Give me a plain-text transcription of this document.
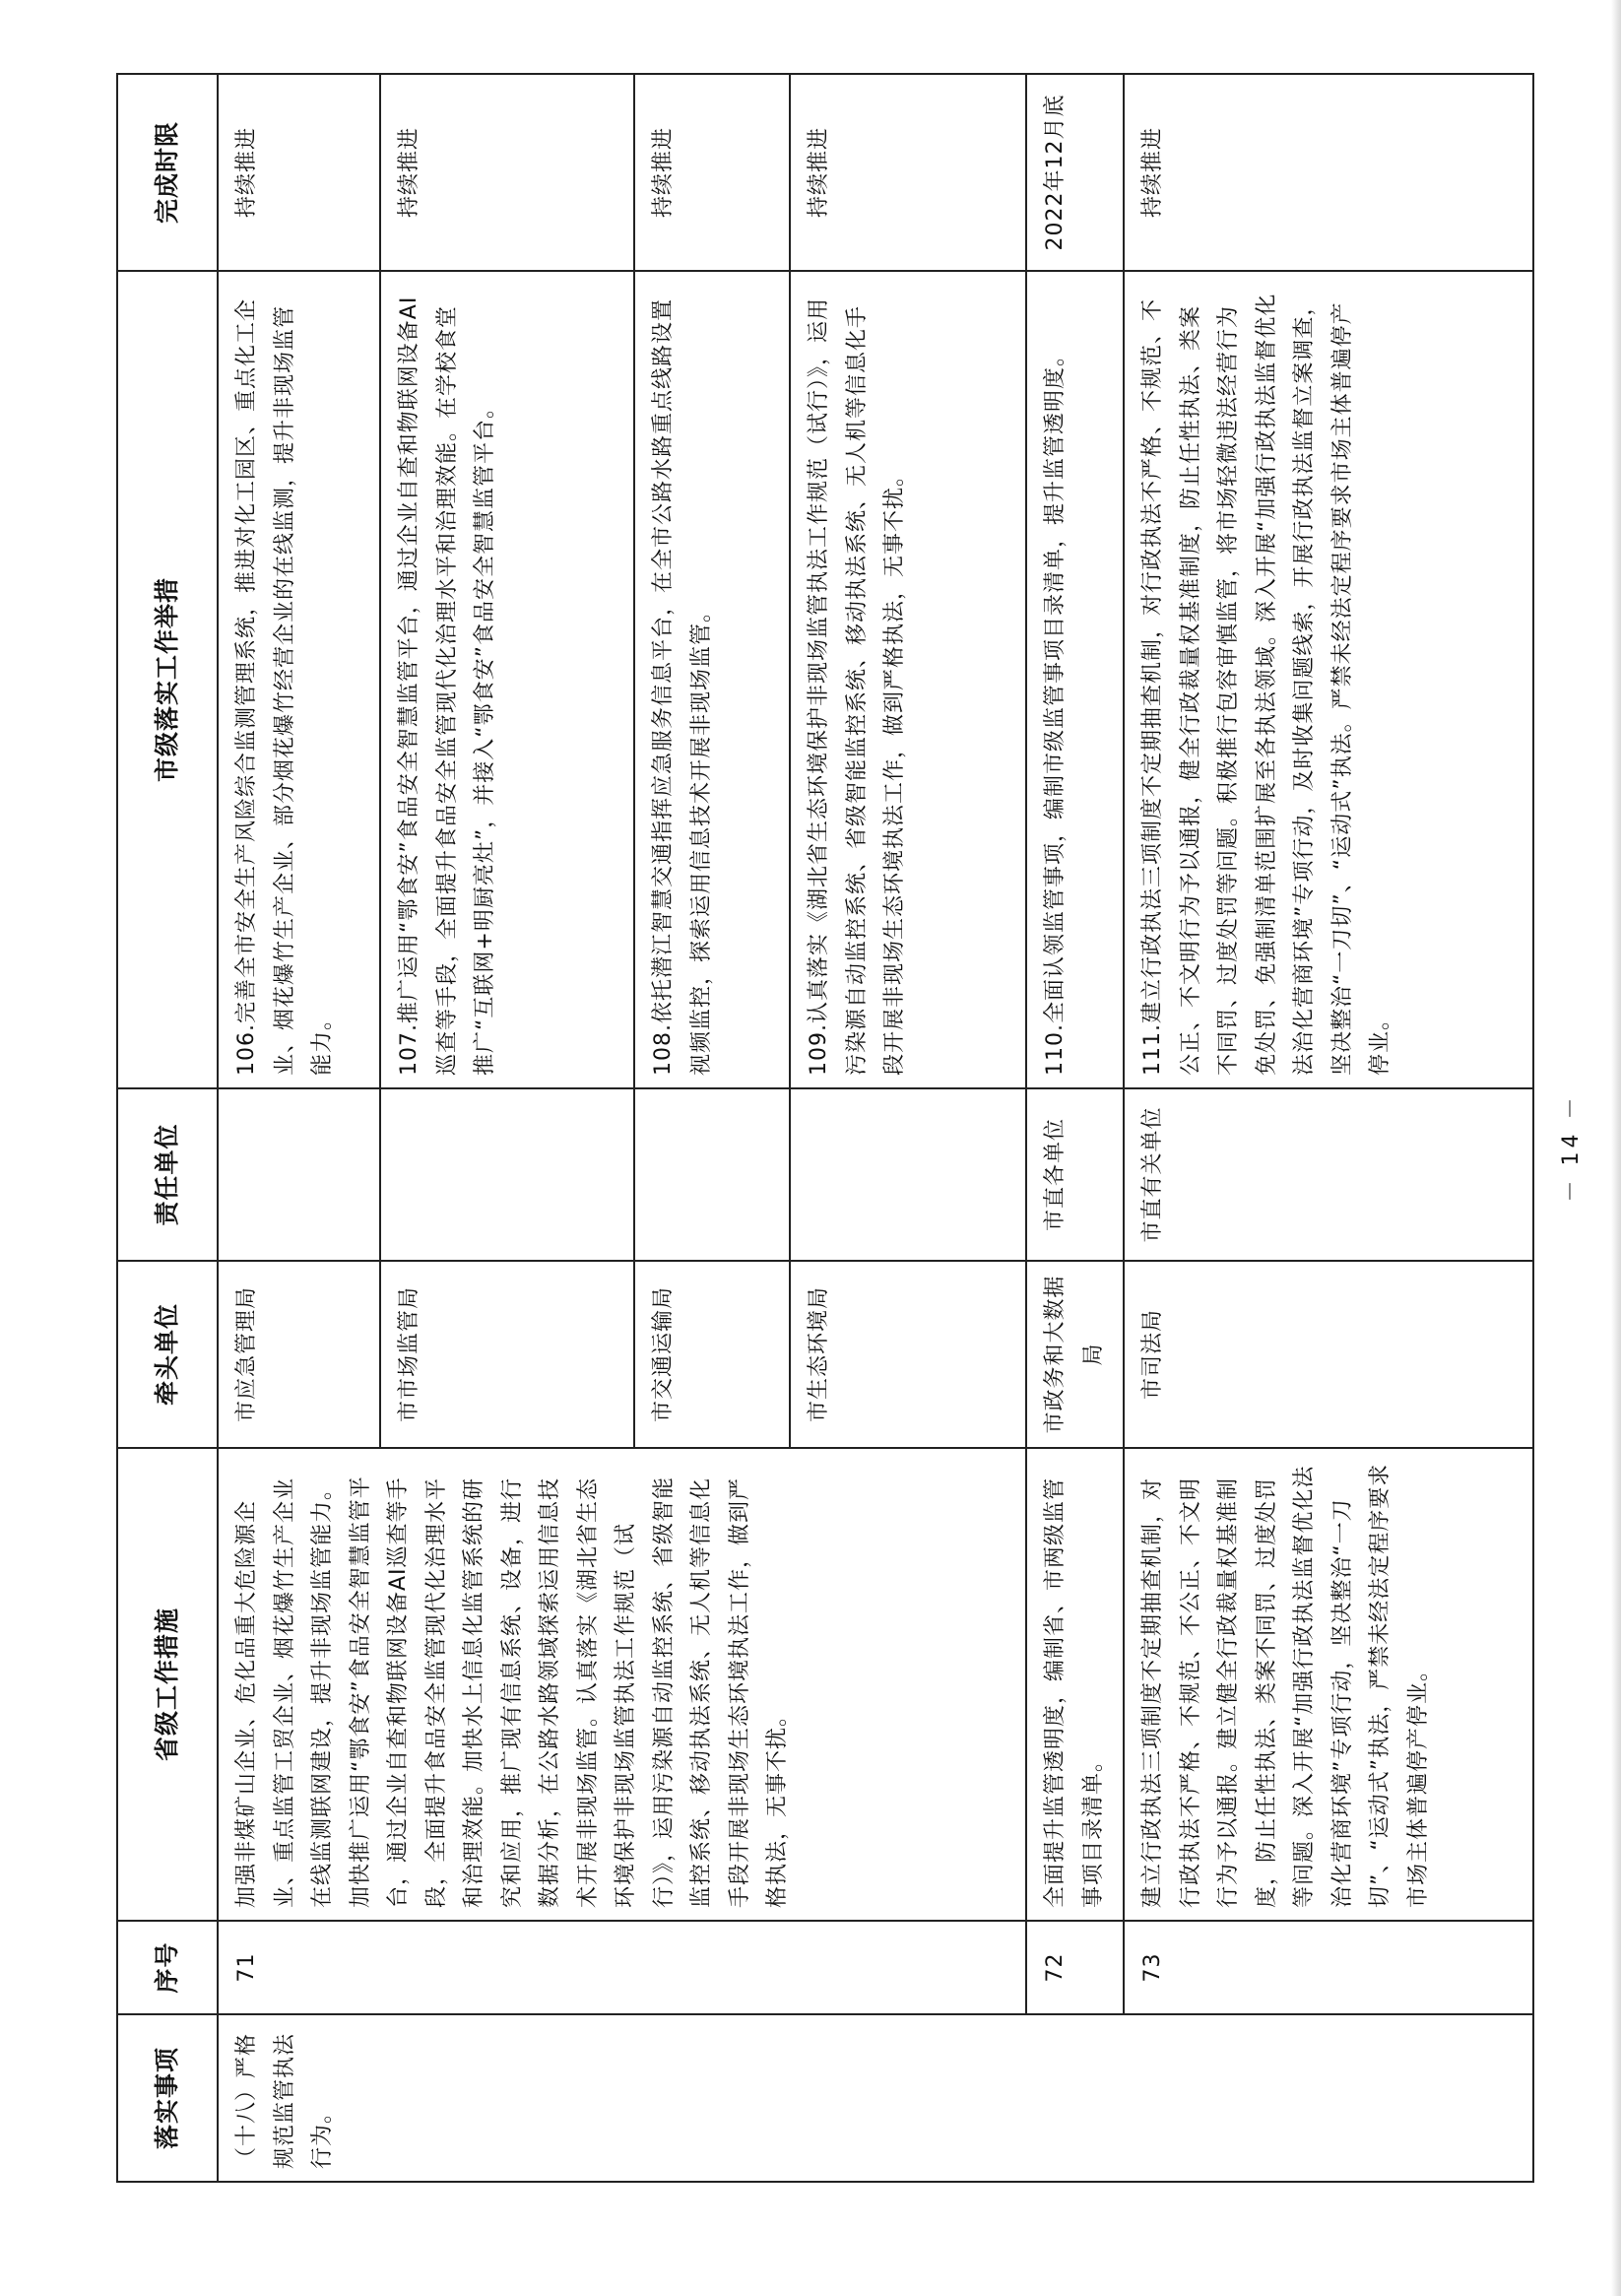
落实事项	序号	省级工作措施	牵头单位	责任单位	市级落实工作举措	完成时限
（十八）严格规范监管执法行为。	71	加强非煤矿山企业、危化品重大危险源企业、重点监管工贸企业、烟花爆竹生产企业在线监测联网建设，提升非现场监管能力。加快推广运用“鄂食安”食品安全智慧监管平台，通过企业自查和物联网设备AI巡查等手段，全面提升食品安全监管现代化治理水平和治理效能。加快水上信息化监管系统的研究和应用，推广现有信息系统、设备，进行数据分析，在公路水路领域探索运用信息技术开展非现场监管。认真落实《湖北省生态环境保护非现场监管执法工作规范（试行）》，运用污染源自动监控系统、省级智能监控系统、移动执法系统、无人机等信息化手段开展非现场生态环境执法工作，做到严格执法，无事不扰。	市应急管理局		106.完善全市安全生产风险综合监测管理系统，推进对化工园区、重点化工企业、烟花爆竹生产企业、部分烟花爆竹经营企业的在线监测，提升非现场监管能力。	持续推进
			市市场监管局		107.推广运用“鄂食安”食品安全智慧监管平台，通过企业自查和物联网设备AI巡查等手段，全面提升食品安全监管现代化治理水平和治理效能。在学校食堂推广“互联网+明厨亮灶”，并接入“鄂食安”食品安全智慧监管平台。	持续推进
			市交通运输局		108.依托潜江智慧交通指挥应急服务信息平台，在全市公路水路重点线路设置视频监控，探索运用信息技术开展非现场监管。	持续推进
			市生态环境局		109.认真落实《湖北省生态环境保护非现场监管执法工作规范（试行）》，运用污染源自动监控系统、省级智能监控系统、移动执法系统、无人机等信息化手段开展非现场生态环境执法工作，做到严格执法，无事不扰。	持续推进
	72	全面提升监管透明度，编制省、市两级监管事项目录清单。	市政务和大数据局	市直各单位	110.全面认领监管事项，编制市级监管事项目录清单，提升监管透明度。	2022年12月底
	73	建立行政执法三项制度不定期抽查机制，对行政执法不严格、不规范、不公正、不文明行为予以通报。建立健全行政裁量权基准制度，防止任性执法、类案不同罚、过度处罚等问题。深入开展“加强行政执法监督优化法治化营商环境”专项行动，坚决整治“一刀切”、“运动式”执法，严禁未经法定程序要求市场主体普遍停产停业。	市司法局	市直有关单位	111.建立行政执法三项制度不定期抽查机制，对行政执法不严格、不规范、不公正、不文明行为予以通报，健全行政裁量权基准制度，防止任性执法、类案不同罚、过度处罚等问题。积极推行包容审慎监管，将市场轻微违法经营行为免处罚、免强制清单范围扩展至各执法领域。深入开展“加强行政执法监督优化法治化营商环境”专项行动，及时收集问题线索，开展行政执法监督立案调查，坚决整治“一刀切”、“运动式”执法。严禁未经法定程序要求市场主体普遍停产停业。	持续推进
－ 14 －
